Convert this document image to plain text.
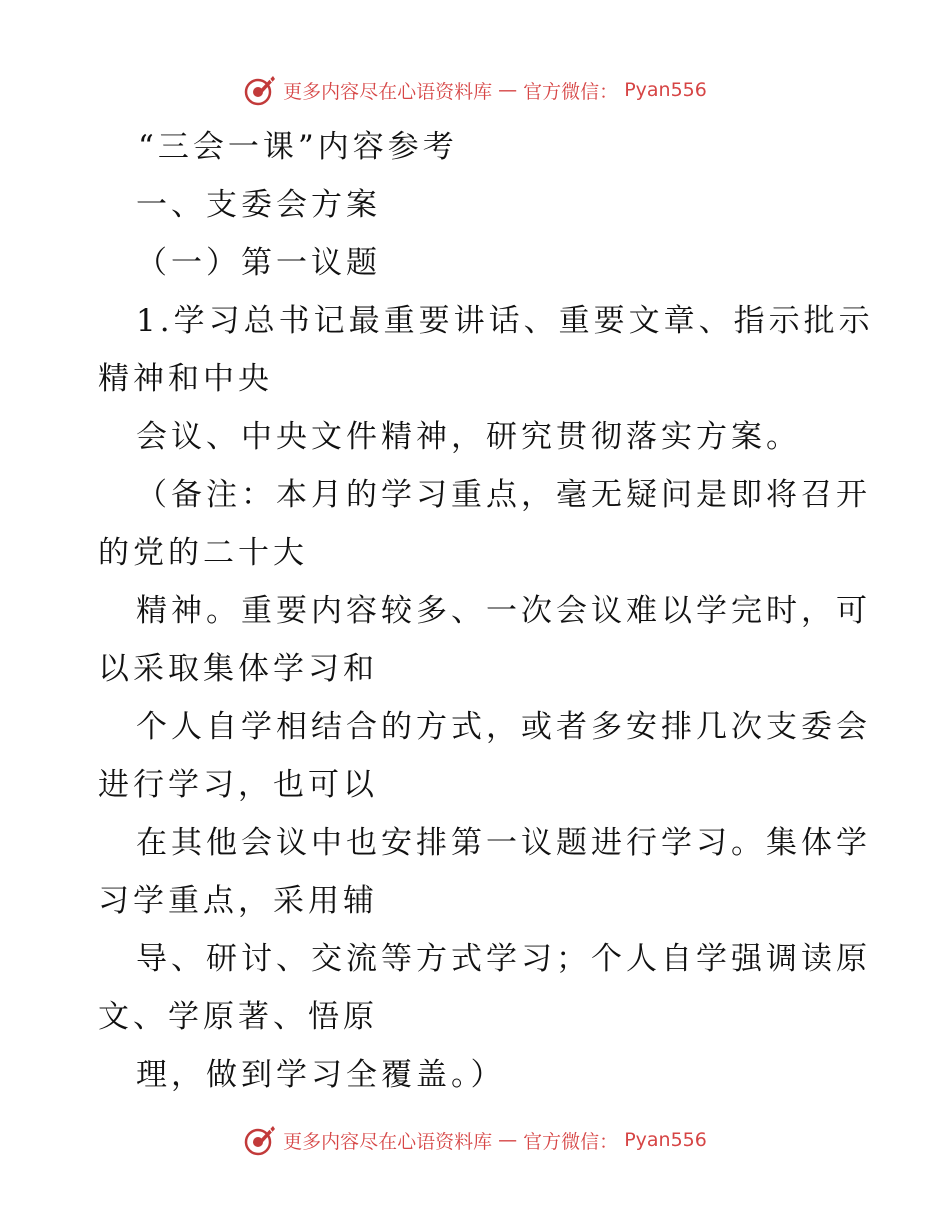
更多内容尽在心语资料库 — 官方微信： Pyan556
“三会一课”内容参考
一、支委会方案
（一）第一议题
1.学习总书记最重要讲话、重要文章、指示批示
精神和中央
会议、中央文件精神，研究贯彻落实方案。
（备注：本月的学习重点，毫无疑问是即将召开
的党的二十大
精神。重要内容较多、一次会议难以学完时，可
以采取集体学习和
个人自学相结合的方式，或者多安排几次支委会
进行学习，也可以
在其他会议中也安排第一议题进行学习。集体学
习学重点，采用辅
导、研讨、交流等方式学习；个人自学强调读原
文、学原著、悟原
理，做到学习全覆盖。）
更多内容尽在心语资料库 — 官方微信： Pyan556
